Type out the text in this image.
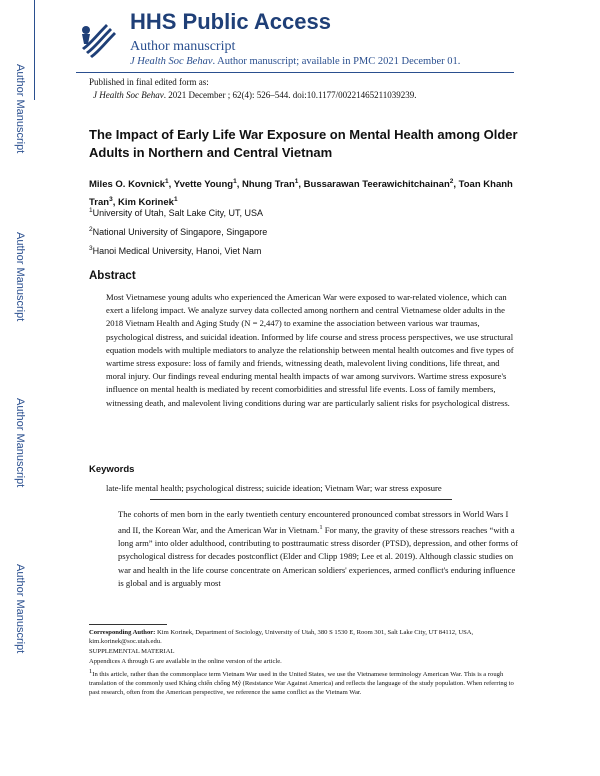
Author Manuscript
Author Manuscript
Author Manuscript
Author Manuscript
HHS Public Access
Author manuscript
J Health Soc Behav. Author manuscript; available in PMC 2021 December 01.
Published in final edited form as:
J Health Soc Behav. 2021 December ; 62(4): 526–544. doi:10.1177/00221465211039239.
The Impact of Early Life War Exposure on Mental Health among Older Adults in Northern and Central Vietnam
Miles O. Kovnick$^1$, Yvette Young$^1$, Nhung Tran$^1$, Bussarawan Teerawichitchainan$^2$, Toan Khanh Tran$^3$, Kim Korinek$^1$
$^1$University of Utah, Salt Lake City, UT, USA
$^2$National University of Singapore, Singapore
$^3$Hanoi Medical University, Hanoi, Viet Nam
Abstract
Most Vietnamese young adults who experienced the American War were exposed to war-related violence, which can exert a lifelong impact. We analyze survey data collected among northern and central Vietnamese older adults in the 2018 Vietnam Health and Aging Study (N = 2,447) to examine the association between various war traumas, psychological distress, and suicidal ideation. Informed by life course and stress process perspectives, we use structural equation models with multiple mediators to analyze the relationship between mental health outcomes and five types of wartime stress exposure: loss of family and friends, witnessing death, malevolent living conditions, life threat, and moral injury. Our findings reveal enduring mental health impacts of war among survivors. Wartime stress exposure's influence on mental health is mediated by recent comorbidities and stressful life events. Loss of family members, witnessing death, and malevolent living conditions during war are particularly salient risks for psychological distress.
Keywords
late-life mental health; psychological distress; suicide ideation; Vietnam War; war stress exposure
The cohorts of men born in the early twentieth century encountered pronounced combat stressors in World Wars I and II, the Korean War, and the American War in Vietnam.$^1$ For many, the gravity of these stressors reaches “with a long arm” into older adulthood, contributing to posttraumatic stress disorder (PTSD), depression, and other forms of psychological distress for decades postconflict (Elder and Clipp 1989; Lee et al. 2019). Although classic studies on war and health in the life course concentrate on American soldiers' experiences, armed conflict's enduring influence is global and is arguably most

Corresponding Author: Kim Korinek, Department of Sociology, University of Utah, 380 S 1530 E, Room 301, Salt Lake City, UT 84112, USA, kim.korinek@soc.utah.edu.

SUPPLEMENTAL MATERIAL

Appendices A through G are available in the online version of the article.

$^1$In this article, rather than the commonplace term Vietnam War used in the United States, we use the Vietnamese terminology American War. This is a rough translation of the commonly used Kháng chiến chống Mỹ (Resistance War Against America) and reflects the language of the study population. When referring to past research, often from the American perspective, we reference the same conflict as the Vietnam War.
